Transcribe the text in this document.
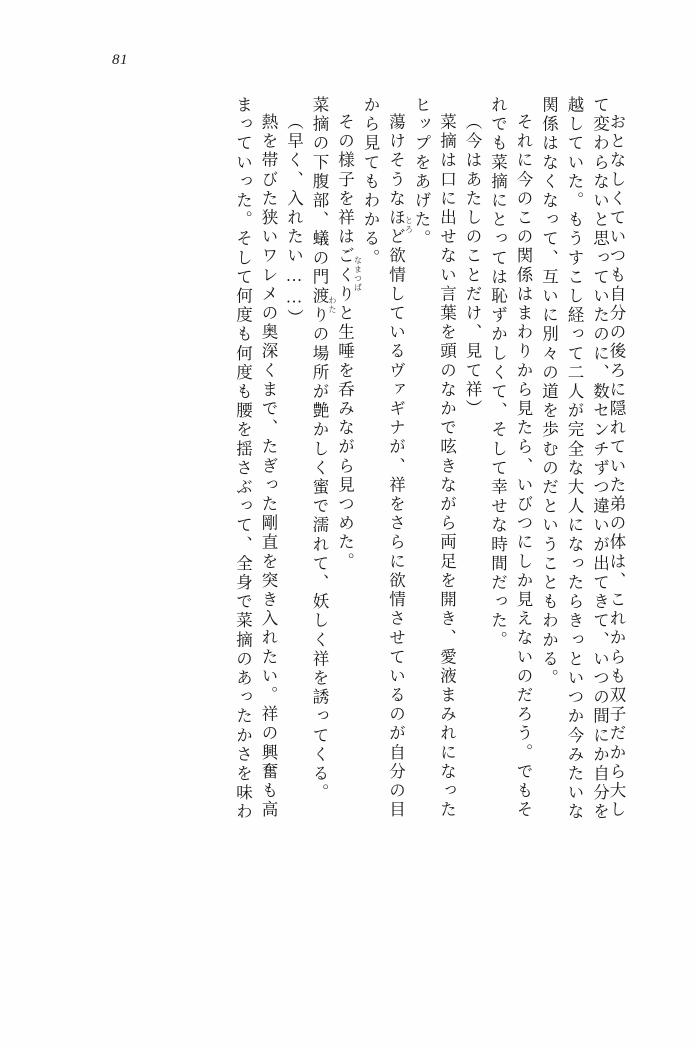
81
おとなしくていつも自分の後ろに隠れていた弟の体は、これからも双子だから大し
て変わらないと思っていたのに、数センチずつ違いが出てきて、いつの間にか自分を
越していた。もうすこし経って二人が完全な大人になったらきっといつか今みたいな
関係はなくなって、互いに別々の道を歩むのだということもわかる。
それに今のこの関係はまわりから見たら、いびつにしか見えないのだろう。でもそ
れでも菜摘にとっては恥ずかしくて、そして幸せな時間だった。
（今はあたしのことだけ、見て祥）
菜摘は口に出せない言葉を頭のなかで呟きながら両足を開き、愛液まみれになった
ヒップをあげた。
蕩けそうなほど欲情しているヴァギナが、祥をさらに欲情させているのが自分の目
から見てもわかる。
その様子を祥はごくりと生唾を呑みながら見つめた。
菜摘の下腹部、蟻の門渡りの場所が艶かしく蜜で濡れて、妖しく祥を誘ってくる。
（早く、入れたい……）
熱を帯びた狭いワレメの奥深くまで、たぎった剛直を突き入れたい。祥の興奮も高
まっていった。そして何度も何度も腰を揺さぶって、全身で菜摘のあったかさを味わ	とろ
なまつば
わた
